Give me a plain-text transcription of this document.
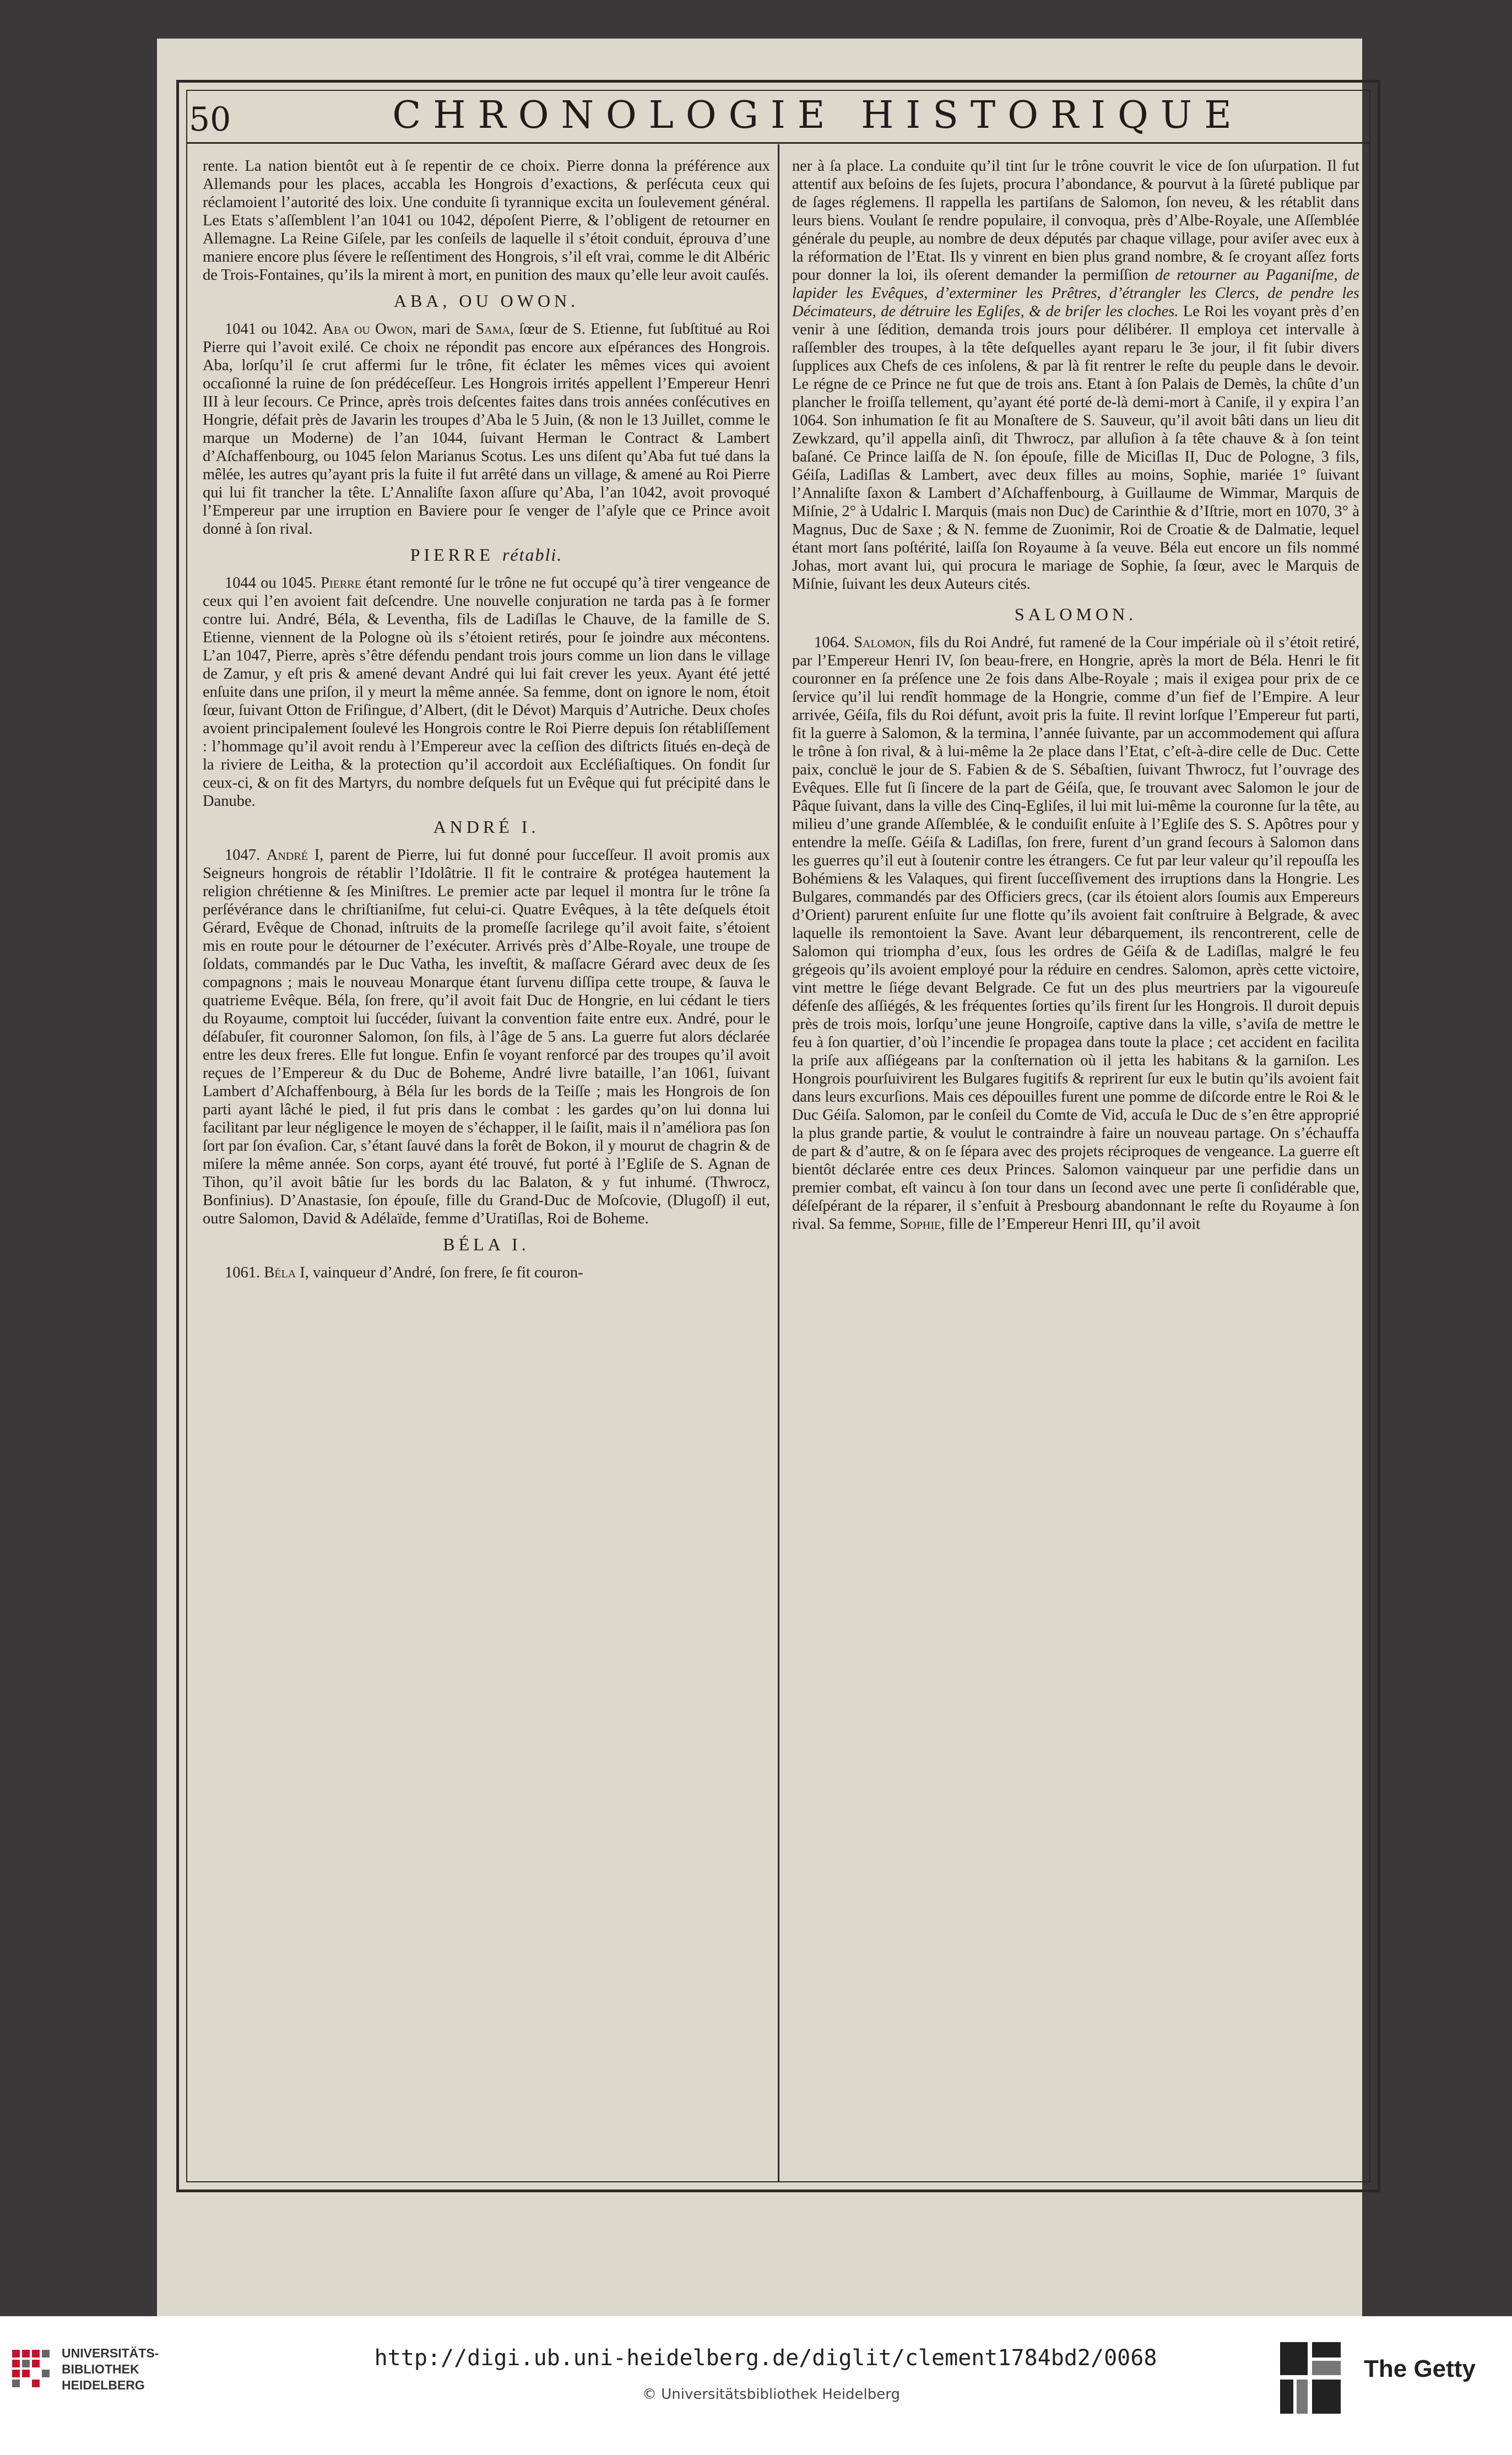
50	CHRONOLOGIE HISTORIQUE

rente. La nation bientôt eut à ſe repentir de ce choix. Pierre donna la préférence aux Allemands pour les places, accabla les Hongrois d’exactions, & perſécuta ceux qui réclamoient l’autorité des loix. Une conduite ſi tyrannique excita un ſoulevement général. Les Etats s’aſſemblent l’an 1041 ou 1042, dépoſent Pierre, & l’obligent de retourner en Allemagne. La Reine Giſele, par les conſeils de laquelle il s’étoit conduit, éprouva d’une maniere encore plus ſévere le reſſentiment des Hongrois, s’il eſt vrai, comme le dit Albéric de Trois-Fontaines, qu’ils la mirent à mort, en punition des maux qu’elle leur avoit cauſés.

ABA, OU OWON.

1041 ou 1042. Aba ou Owon, mari de Sama, ſœur de S. Etienne, fut ſubſtitué au Roi Pierre qui l’avoit exilé. Ce choix ne répondit pas encore aux eſpérances des Hongrois. Aba, lorſqu’il ſe crut affermi ſur le trône, fit éclater les mêmes vices qui avoient occaſionné la ruine de ſon prédéceſſeur. Les Hongrois irrités appellent l’Empereur Henri III à leur ſecours. Ce Prince, après trois deſcentes faites dans trois années conſécutives en Hongrie, défait près de Javarin les troupes d’Aba le 5 Juin, (& non le 13 Juillet, comme le marque un Moderne) de l’an 1044, ſuivant Herman le Contract & Lambert d’Aſchaffenbourg, ou 1045 ſelon Marianus Scotus. Les uns diſent qu’Aba fut tué dans la mêlée, les autres qu’ayant pris la fuite il fut arrêté dans un village, & amené au Roi Pierre qui lui fit trancher la tête. L’Annaliſte ſaxon aſſure qu’Aba, l’an 1042, avoit provoqué l’Empereur par une irruption en Baviere pour ſe venger de l’aſyle que ce Prince avoit donné à ſon rival.

PIERRE rétabli.

1044 ou 1045. Pierre étant remonté ſur le trône ne fut occupé qu’à tirer vengeance de ceux qui l’en avoient fait deſcendre. Une nouvelle conjuration ne tarda pas à ſe former contre lui. André, Béla, & Leventha, fils de Ladiſlas le Chauve, de la famille de S. Etienne, viennent de la Pologne où ils s’étoient retirés, pour ſe joindre aux mécontens. L’an 1047, Pierre, après s’être défendu pendant trois jours comme un lion dans le village de Zamur, y eſt pris & amené devant André qui lui fait crever les yeux. Ayant été jetté enſuite dans une priſon, il y meurt la même année. Sa femme, dont on ignore le nom, étoit ſœur, ſuivant Otton de Friſingue, d’Albert, (dit le Dévot) Marquis d’Autriche. Deux choſes avoient principalement ſoulevé les Hongrois contre le Roi Pierre depuis ſon rétabliſſement : l’hommage qu’il avoit rendu à l’Empereur avec la ceſſion des diſtricts ſitués en-deçà de la riviere de Leitha, & la protection qu’il accordoit aux Eccléſiaſtiques. On fondit ſur ceux-ci, & on fit des Martyrs, du nombre deſquels fut un Evêque qui fut précipité dans le Danube.

ANDRÉ I.

1047. André I, parent de Pierre, lui fut donné pour ſucceſſeur. Il avoit promis aux Seigneurs hongrois de rétablir l’Idolâtrie. Il fit le contraire & protégea hautement la religion chrétienne & ſes Miniſtres. Le premier acte par lequel il montra ſur le trône ſa perſévérance dans le chriſtianiſme, fut celui-ci. Quatre Evêques, à la tête deſquels étoit Gérard, Evêque de Chonad, inſtruits de la promeſſe ſacrilege qu’il avoit faite, s’étoient mis en route pour le détourner de l’exécuter. Arrivés près d’Albe-Royale, une troupe de ſoldats, commandés par le Duc Vatha, les inveſtit, & maſſacre Gérard avec deux de ſes compagnons ; mais le nouveau Monarque étant ſurvenu diſſipa cette troupe, & ſauva le quatrieme Evêque. Béla, ſon frere, qu’il avoit fait Duc de Hongrie, en lui cédant le tiers du Royaume, comptoit lui ſuccéder, ſuivant la convention faite entre eux. André, pour le déſabuſer, fit couronner Salomon, ſon fils, à l’âge de 5 ans. La guerre fut alors déclarée entre les deux freres. Elle fut longue. Enfin ſe voyant renforcé par des troupes qu’il avoit reçues de l’Empereur & du Duc de Boheme, André livre bataille, l’an 1061, ſuivant Lambert d’Aſchaffenbourg, à Béla ſur les bords de la Teiſſe ; mais les Hongrois de ſon parti ayant lâché le pied, il fut pris dans le combat : les gardes qu’on lui donna lui facilitant par leur négligence le moyen de s’échapper, il le ſaiſit, mais il n’améliora pas ſon ſort par ſon évaſion. Car, s’étant ſauvé dans la forêt de Bokon, il y mourut de chagrin & de miſere la même année. Son corps, ayant été trouvé, fut porté à l’Egliſe de S. Agnan de Tihon, qu’il avoit bâtie ſur les bords du lac Balaton, & y fut inhumé. (Thwrocz, Bonfinius). D’Anastasie, ſon épouſe, fille du Grand-Duc de Moſcovie, (Dlugoſſ) il eut, outre Salomon, David & Adélaïde, femme d’Uratiſlas, Roi de Boheme.

BÉLA I.

1061. Béla I, vainqueur d’André, ſon frere, ſe fit couron-

ner à ſa place. La conduite qu’il tint ſur le trône couvrit le vice de ſon uſurpation. Il fut attentif aux beſoins de ſes ſujets, procura l’abondance, & pourvut à la ſûreté publique par de ſages réglemens. Il rappella les partiſans de Salomon, ſon neveu, & les rétablit dans leurs biens. Voulant ſe rendre populaire, il convoqua, près d’Albe-Royale, une Aſſemblée générale du peuple, au nombre de deux députés par chaque village, pour aviſer avec eux à la réformation de l’Etat. Ils y vinrent en bien plus grand nombre, & ſe croyant aſſez forts pour donner la loi, ils oſerent demander la permiſſion de retourner au Paganiſme, de lapider les Evêques, d’exterminer les Prêtres, d’étrangler les Clercs, de pendre les Décimateurs, de détruire les Egliſes, & de briſer les cloches. Le Roi les voyant près d’en venir à une ſédition, demanda trois jours pour délibérer. Il employa cet intervalle à raſſembler des troupes, à la tête deſquelles ayant reparu le 3e jour, il fit ſubir divers ſupplices aux Chefs de ces inſolens, & par là fit rentrer le reſte du peuple dans le devoir. Le régne de ce Prince ne fut que de trois ans. Etant à ſon Palais de Demès, la chûte d’un plancher le froiſſa tellement, qu’ayant été porté de-là demi-mort à Caniſe, il y expira l’an 1064. Son inhumation ſe fit au Monaſtere de S. Sauveur, qu’il avoit bâti dans un lieu dit Zewkzard, qu’il appella ainſi, dit Thwrocz, par alluſion à ſa tête chauve & à ſon teint baſané. Ce Prince laiſſa de N. ſon épouſe, fille de Miciſlas II, Duc de Pologne, 3 fils, Géiſa, Ladiſlas & Lambert, avec deux filles au moins, Sophie, mariée 1° ſuivant l’Annaliſte ſaxon & Lambert d’Aſchaffenbourg, à Guillaume de Wimmar, Marquis de Miſnie, 2° à Udalric I. Marquis (mais non Duc) de Carinthie & d’Iſtrie, mort en 1070, 3° à Magnus, Duc de Saxe ; & N. femme de Zuonimir, Roi de Croatie & de Dalmatie, lequel étant mort ſans poſtérité, laiſſa ſon Royaume à ſa veuve. Béla eut encore un fils nommé Johas, mort avant lui, qui procura le mariage de Sophie, ſa ſœur, avec le Marquis de Miſnie, ſuivant les deux Auteurs cités.

SALOMON.

1064. Salomon, fils du Roi André, fut ramené de la Cour impériale où il s’étoit retiré, par l’Empereur Henri IV, ſon beau-frere, en Hongrie, après la mort de Béla. Henri le fit couronner en ſa préſence une 2e fois dans Albe-Royale ; mais il exigea pour prix de ce ſervice qu’il lui rendît hommage de la Hongrie, comme d’un fief de l’Empire. A leur arrivée, Géiſa, fils du Roi défunt, avoit pris la fuite. Il revint lorſque l’Empereur fut parti, fit la guerre à Salomon, & la termina, l’année ſuivante, par un accommodement qui aſſura le trône à ſon rival, & à lui-même la 2e place dans l’Etat, c’eſt-à-dire celle de Duc. Cette paix, concluë le jour de S. Fabien & de S. Sébaſtien, ſuivant Thwrocz, fut l’ouvrage des Evêques. Elle fut ſi ſincere de la part de Géiſa, que, ſe trouvant avec Salomon le jour de Pâque ſuivant, dans la ville des Cinq-Egliſes, il lui mit lui-même la couronne ſur la tête, au milieu d’une grande Aſſemblée, & le conduiſit enſuite à l’Egliſe des S. S. Apôtres pour y entendre la meſſe. Géiſa & Ladiſlas, ſon frere, furent d’un grand ſecours à Salomon dans les guerres qu’il eut à ſoutenir contre les étrangers. Ce fut par leur valeur qu’il repouſſa les Bohémiens & les Valaques, qui firent ſucceſſivement des irruptions dans la Hongrie. Les Bulgares, commandés par des Officiers grecs, (car ils étoient alors ſoumis aux Empereurs d’Orient) parurent enſuite ſur une flotte qu’ils avoient fait conſtruire à Belgrade, & avec laquelle ils remontoient la Save. Avant leur débarquement, ils rencontrerent, celle de Salomon qui triompha d’eux, ſous les ordres de Géiſa & de Ladiſlas, malgré le feu grégeois qu’ils avoient employé pour la réduire en cendres. Salomon, après cette victoire, vint mettre le ſiége devant Belgrade. Ce fut un des plus meurtriers par la vigoureuſe défenſe des aſſiégés, & les fréquentes ſorties qu’ils firent ſur les Hongrois. Il duroit depuis près de trois mois, lorſqu’une jeune Hongroiſe, captive dans la ville, s’aviſa de mettre le feu à ſon quartier, d’où l’incendie ſe propagea dans toute la place ; cet accident en facilita la priſe aux aſſiégeans par la conſternation où il jetta les habitans & la garniſon. Les Hongrois pourſuivirent les Bulgares fugitifs & reprirent ſur eux le butin qu’ils avoient fait dans leurs excurſions. Mais ces dépouilles furent une pomme de diſcorde entre le Roi & le Duc Géiſa. Salomon, par le conſeil du Comte de Vid, accuſa le Duc de s’en être approprié la plus grande partie, & voulut le contraindre à faire un nouveau partage. On s’échauffa de part & d’autre, & on ſe ſépara avec des projets réciproques de vengeance. La guerre eſt bientôt déclarée entre ces deux Princes. Salomon vainqueur par une perfidie dans un premier combat, eſt vaincu à ſon tour dans un ſecond avec une perte ſi conſidérable que, déſeſpérant de la réparer, il s’enfuit à Presbourg abandonnant le reſte du Royaume à ſon rival. Sa femme, Sophie, fille de l’Empereur Henri III, qu’il avoit

UNIVERSITÄTS-
BIBLIOTHEK
HEIDELBERG
http://digi.ub.uni-heidelberg.de/diglit/clement1784bd2/0068
© Universitätsbibliothek Heidelberg
The Getty
